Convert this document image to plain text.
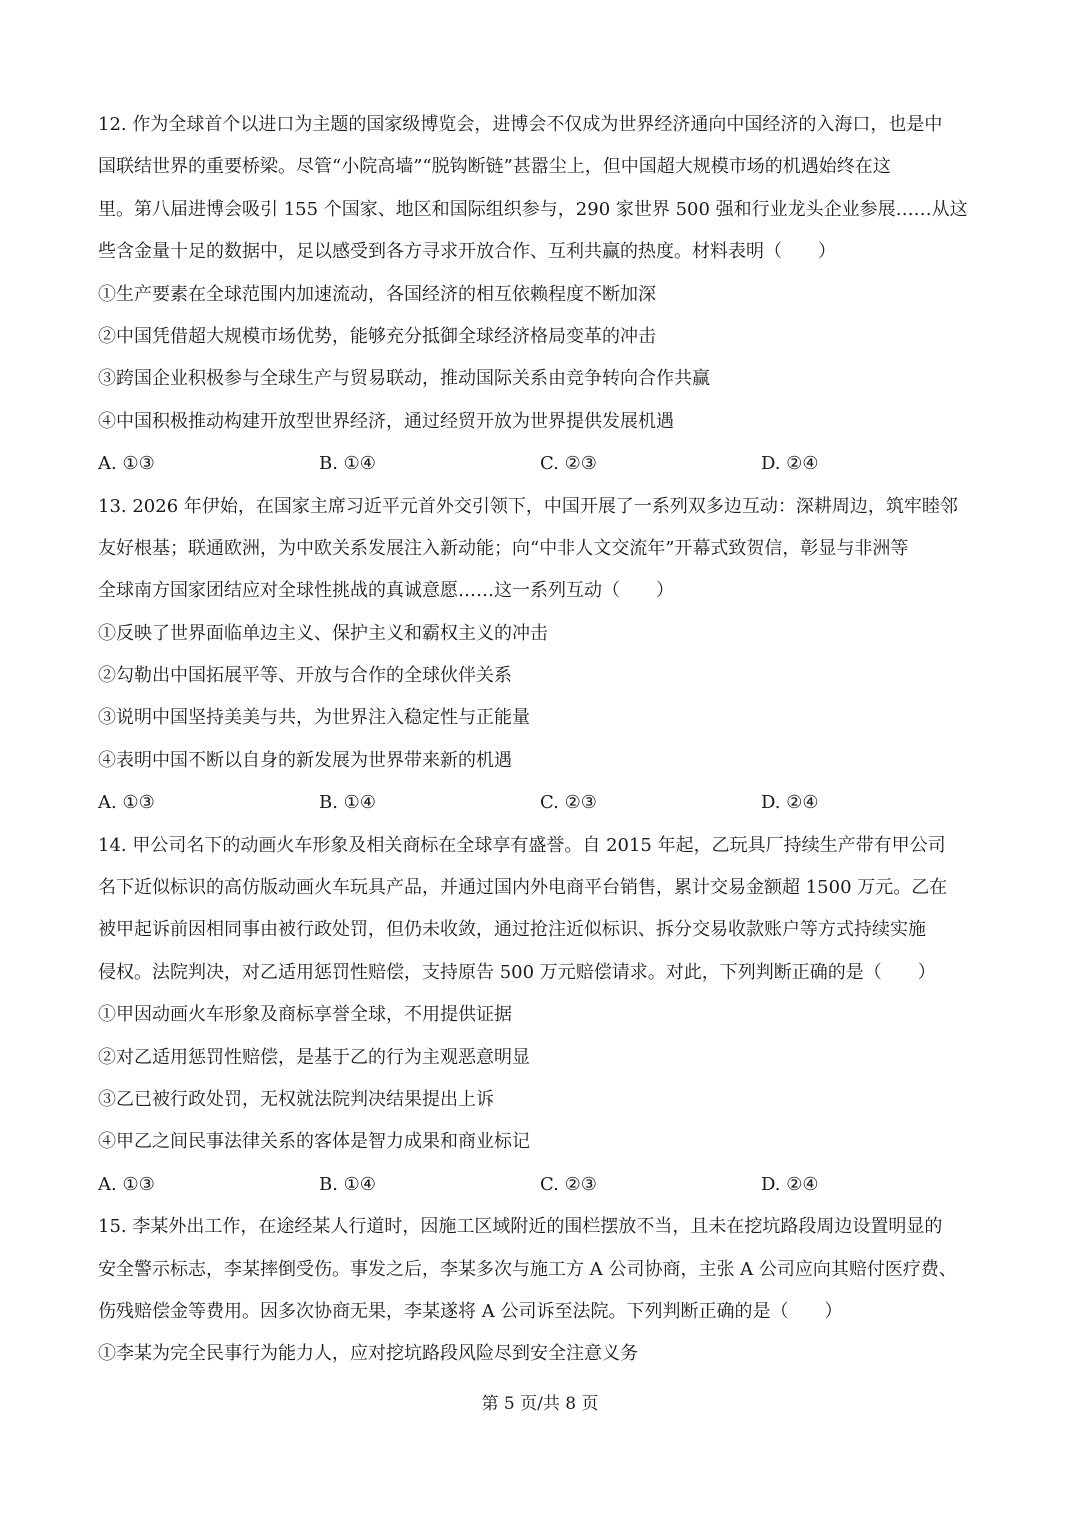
12. 作为全球首个以进口为主题的国家级博览会，进博会不仅成为世界经济通向中国经济的入海口，也是中
国联结世界的重要桥梁。尽管“小院高墙”“脱钩断链”甚嚣尘上，但中国超大规模市场的机遇始终在这
里。第八届进博会吸引 155 个国家、地区和国际组织参与，290 家世界 500 强和行业龙头企业参展……从这
些含金量十足的数据中，足以感受到各方寻求开放合作、互利共赢的热度。材料表明（　　）
①生产要素在全球范围内加速流动，各国经济的相互依赖程度不断加深
②中国凭借超大规模市场优势，能够充分抵御全球经济格局变革的冲击
③跨国企业积极参与全球生产与贸易联动，推动国际关系由竞争转向合作共赢
④中国积极推动构建开放型世界经济，通过经贸开放为世界提供发展机遇
A. ①③	B. ①④	C. ②③	D. ②④
13. 2026 年伊始，在国家主席习近平元首外交引领下，中国开展了一系列双多边互动：深耕周边，筑牢睦邻
友好根基；联通欧洲，为中欧关系发展注入新动能；向“中非人文交流年”开幕式致贺信，彰显与非洲等
全球南方国家团结应对全球性挑战的真诚意愿……这一系列互动（　　）
①反映了世界面临单边主义、保护主义和霸权主义的冲击
②勾勒出中国拓展平等、开放与合作的全球伙伴关系
③说明中国坚持美美与共，为世界注入稳定性与正能量
④表明中国不断以自身的新发展为世界带来新的机遇
A. ①③	B. ①④	C. ②③	D. ②④
14. 甲公司名下的动画火车形象及相关商标在全球享有盛誉。自 2015 年起，乙玩具厂持续生产带有甲公司
名下近似标识的高仿版动画火车玩具产品，并通过国内外电商平台销售，累计交易金额超 1500 万元。乙在
被甲起诉前因相同事由被行政处罚，但仍未收敛，通过抢注近似标识、拆分交易收款账户等方式持续实施
侵权。法院判决，对乙适用惩罚性赔偿，支持原告 500 万元赔偿请求。对此，下列判断正确的是（　　）
①甲因动画火车形象及商标享誉全球，不用提供证据
②对乙适用惩罚性赔偿，是基于乙的行为主观恶意明显
③乙已被行政处罚，无权就法院判决结果提出上诉
④甲乙之间民事法律关系的客体是智力成果和商业标记
A. ①③	B. ①④	C. ②③	D. ②④
15. 李某外出工作，在途经某人行道时，因施工区域附近的围栏摆放不当，且未在挖坑路段周边设置明显的
安全警示标志，李某摔倒受伤。事发之后，李某多次与施工方 A 公司协商，主张 A 公司应向其赔付医疗费、
伤残赔偿金等费用。因多次协商无果，李某遂将 A 公司诉至法院。下列判断正确的是（　　）
①李某为完全民事行为能力人，应对挖坑路段风险尽到安全注意义务
第 5 页/共 8 页
